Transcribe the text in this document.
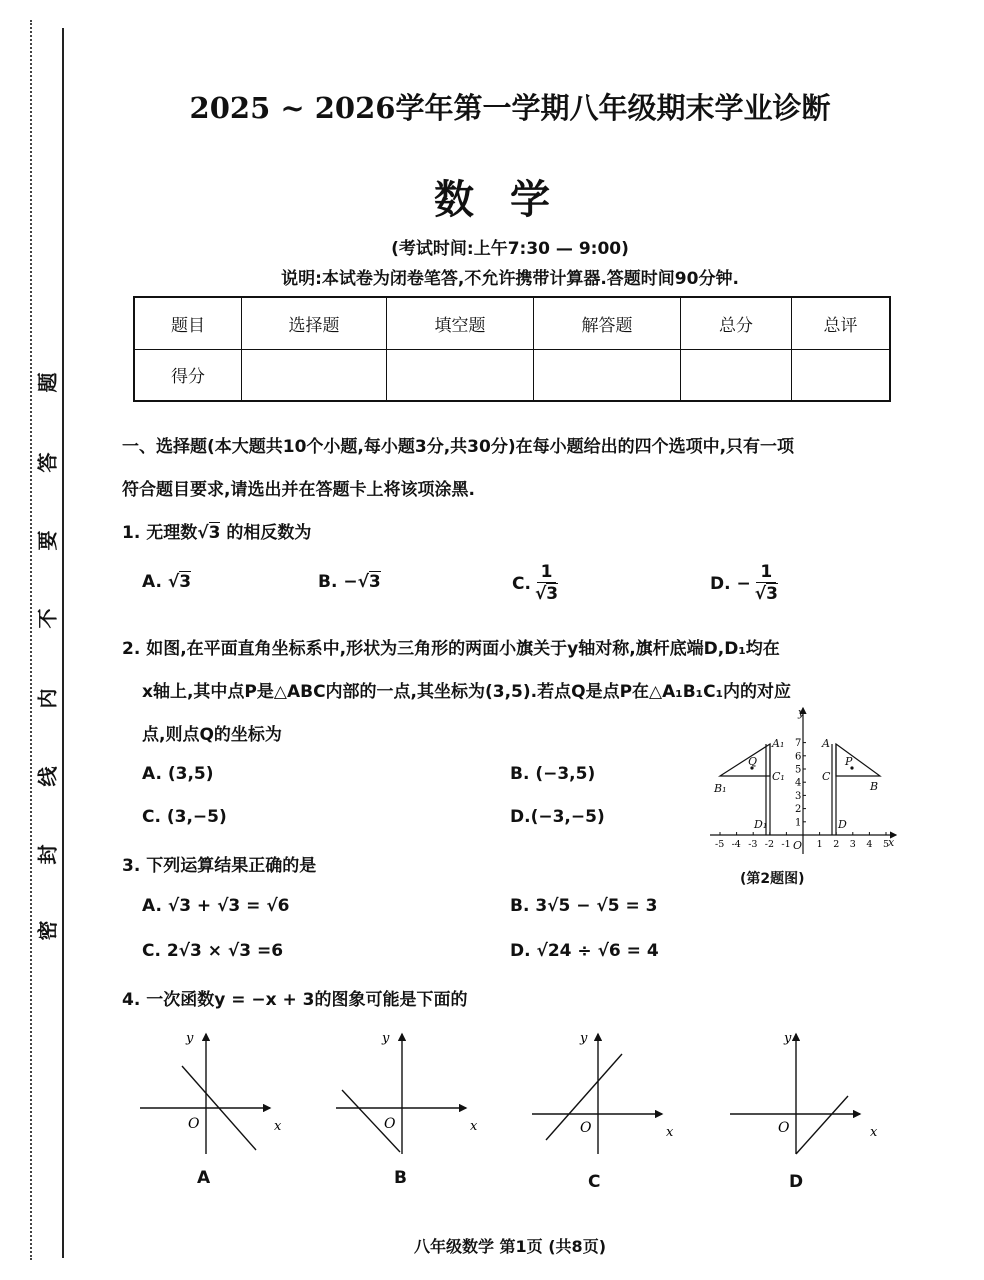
题
答
要
不
内
线
封
密
2025 ~ 2026学年第一学期八年级期末学业诊断
数学
(考试时间:上午7:30 — 9:00)
说明:本试卷为闭卷笔答,不允许携带计算器.答题时间90分钟.
题目	选择题	填空题	解答题	总分	总评
得分					
一、选择题(本大题共10个小题,每小题3分,共30分)在每小题给出的四个选项中,只有一项
符合题目要求,请选出并在答题卡上将该项涂黑.
1. 无理数√3 的相反数为
A. √3	B. −√3	C. $\frac{1}{√3}$	D. − $\frac{1}{√3}$
2. 如图,在平面直角坐标系中,形状为三角形的两面小旗关于y轴对称,旗杆底端D,D₁均在
x轴上,其中点P是△ABC内部的一点,其坐标为(3,5).若点Q是点P在△A₁B₁C₁内的对应
点,则点Q的坐标为
A. (3,5)	B. (−3,5)
C. (3,−5)	D.(−3,−5)
7
6
5
4
3
2
1
-5 -4 -3 -2 -1	1 2 3 4 5
y
x
O
A₁	A
B₁	B
C₁	C
D₁	D
P
Q
(第2题图)
3. 下列运算结果正确的是
A. √3 + √3 = √6	B. 3√5 − √5 = 3
C. 2√3 × √3 =6	D. √24 ÷ √6 = 4
4. 一次函数y = −x + 3的图象可能是下面的
y
x
O
A
y
x
O
B
y
x
O
C
y
x
O
D
八年级数学 第1页 (共8页)
